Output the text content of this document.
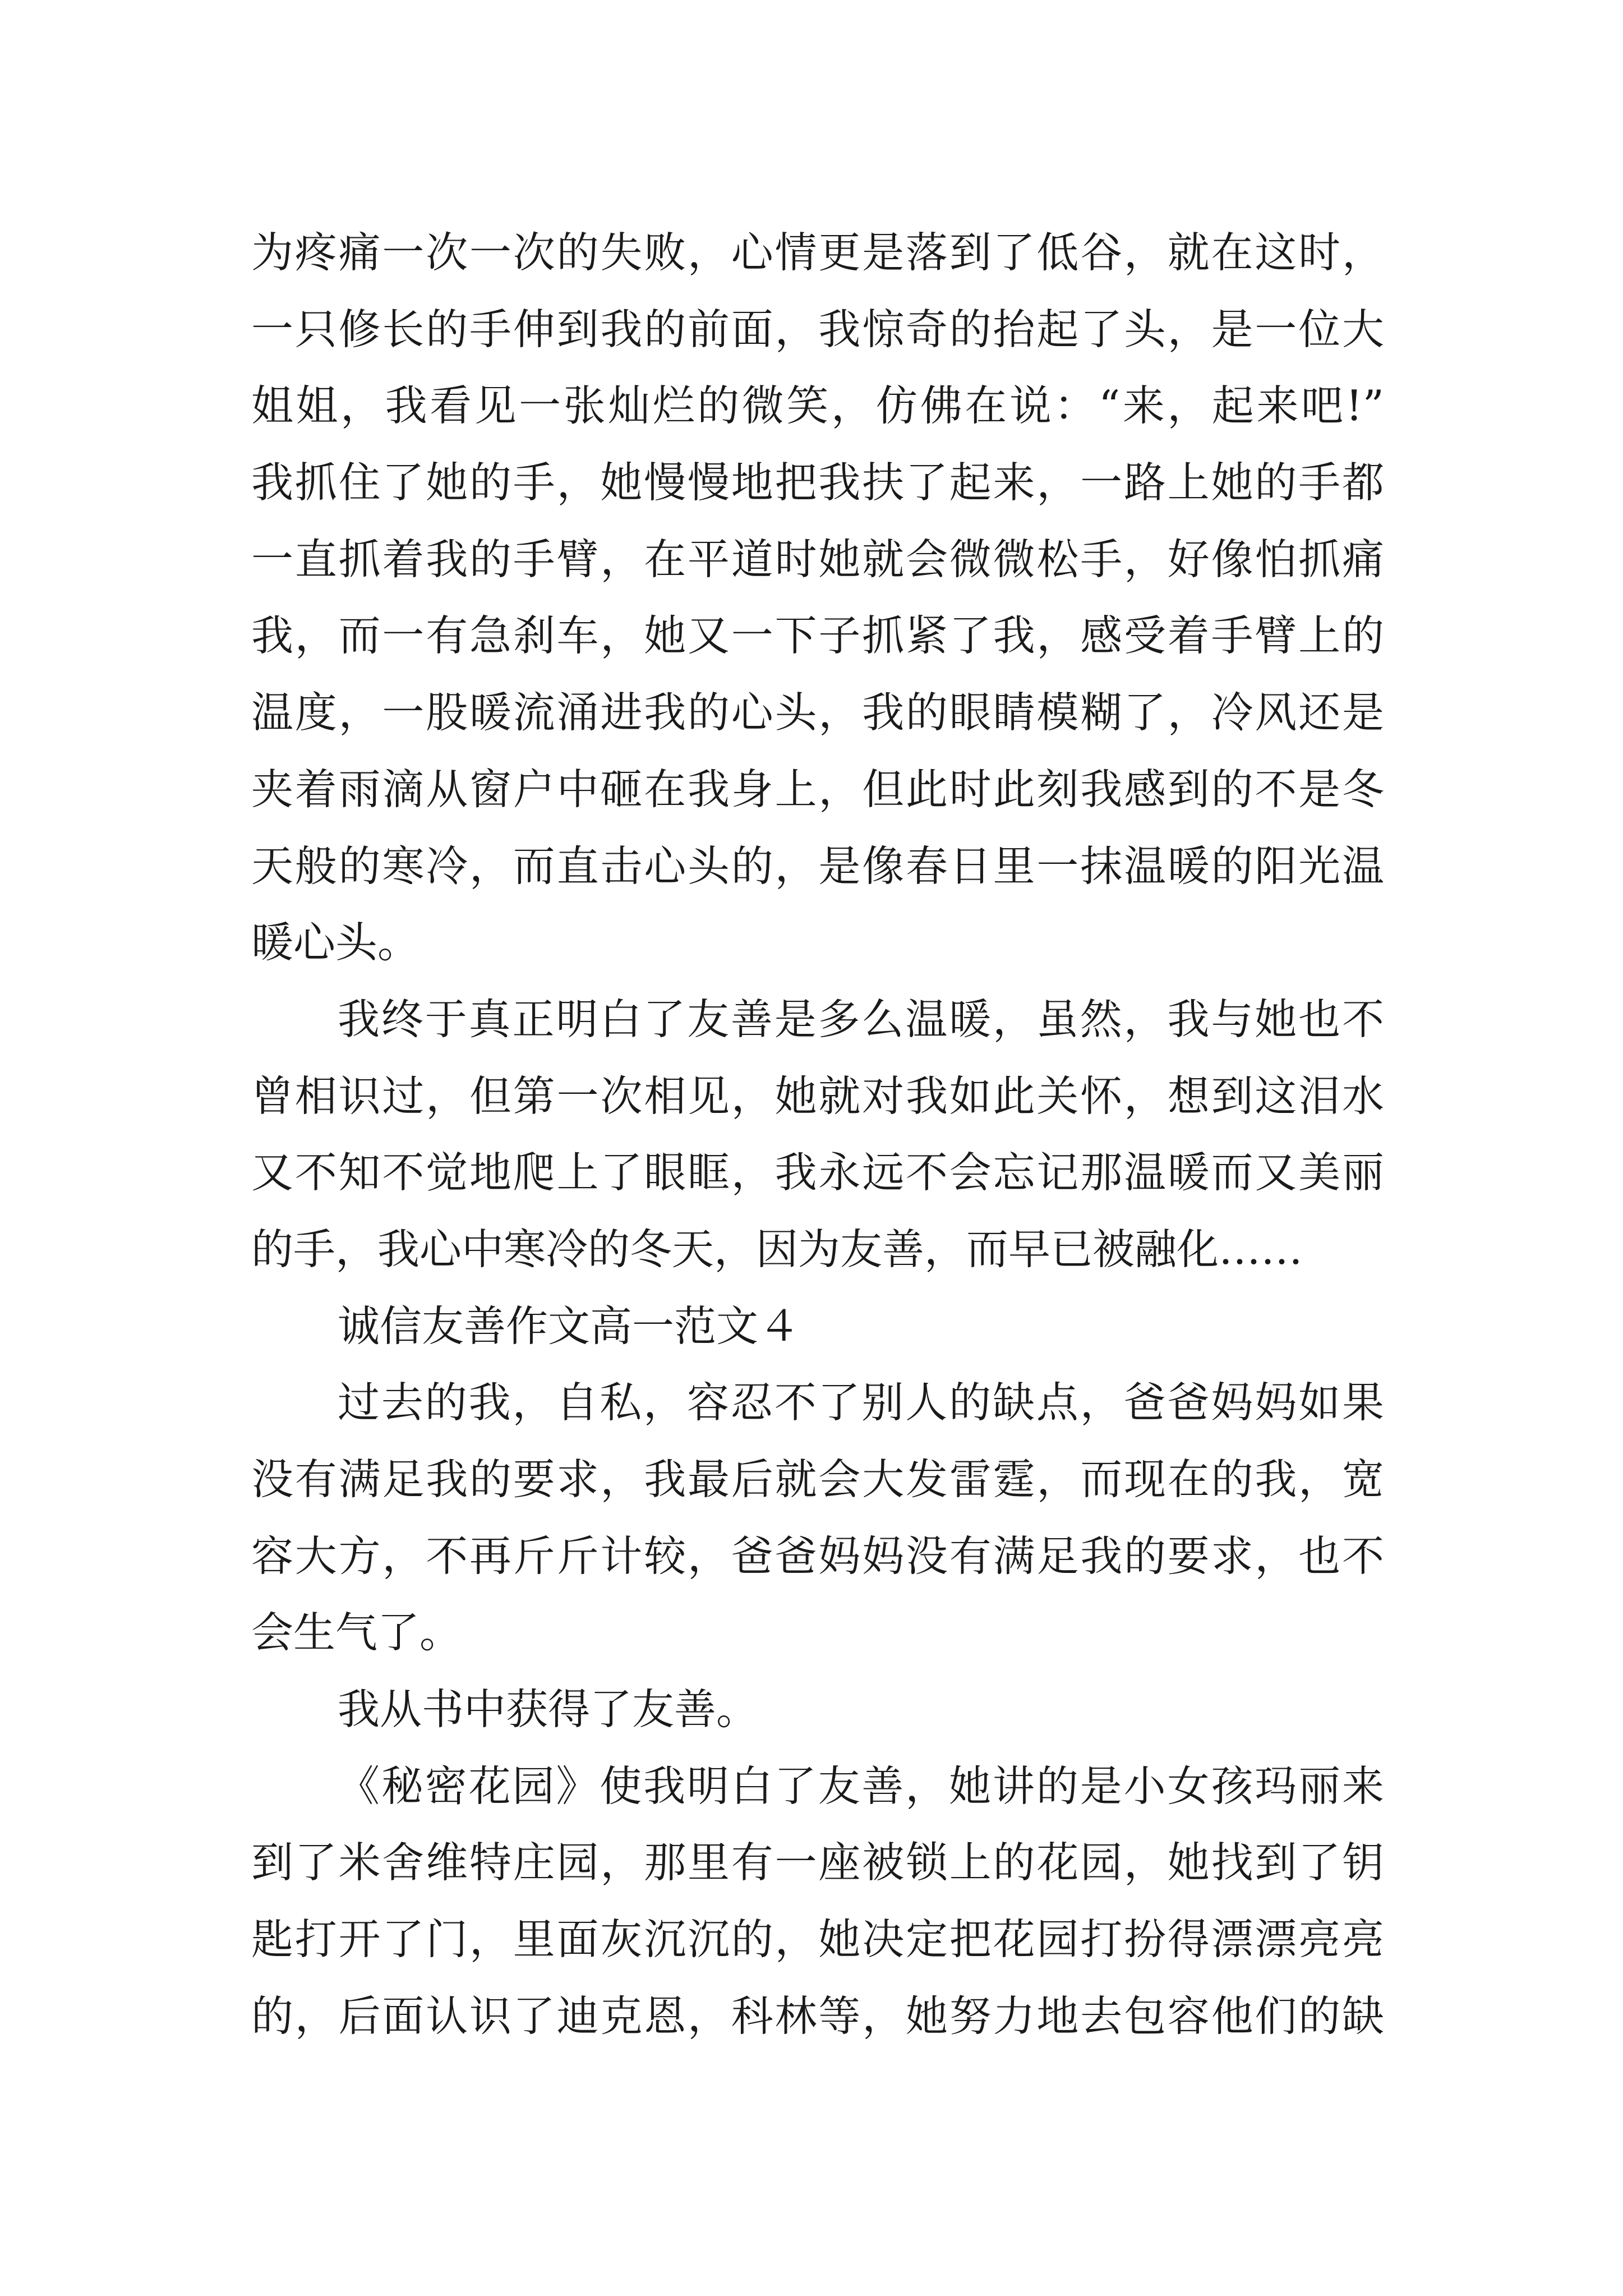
为疼痛一次一次的失败，心情更是落到了低谷，就在这时，
一只修长的手伸到我的前面，我惊奇的抬起了头，是一位大
姐姐，我看见一张灿烂的微笑，仿佛在说：“来，起来吧!”
我抓住了她的手，她慢慢地把我扶了起来，一路上她的手都
一直抓着我的手臂，在平道时她就会微微松手，好像怕抓痛
我，而一有急刹车，她又一下子抓紧了我，感受着手臂上的
温度，一股暖流涌进我的心头，我的眼睛模糊了，冷风还是
夹着雨滴从窗户中砸在我身上，但此时此刻我感到的不是冬
天般的寒冷，而直击心头的，是像春日里一抹温暖的阳光温
暖心头。
我终于真正明白了友善是多么温暖，虽然，我与她也不
曾相识过，但第一次相见，她就对我如此关怀，想到这泪水
又不知不觉地爬上了眼眶，我永远不会忘记那温暖而又美丽
的手，我心中寒冷的冬天，因为友善，而早已被融化……
诚信友善作文高一范文４
过去的我，自私，容忍不了别人的缺点，爸爸妈妈如果
没有满足我的要求，我最后就会大发雷霆，而现在的我，宽
容大方，不再斤斤计较，爸爸妈妈没有满足我的要求，也不
会生气了。
我从书中获得了友善。
《秘密花园》使我明白了友善，她讲的是小女孩玛丽来
到了米舍维特庄园，那里有一座被锁上的花园，她找到了钥
匙打开了门，里面灰沉沉的，她决定把花园打扮得漂漂亮亮
的，后面认识了迪克恩，科林等，她努力地去包容他们的缺
